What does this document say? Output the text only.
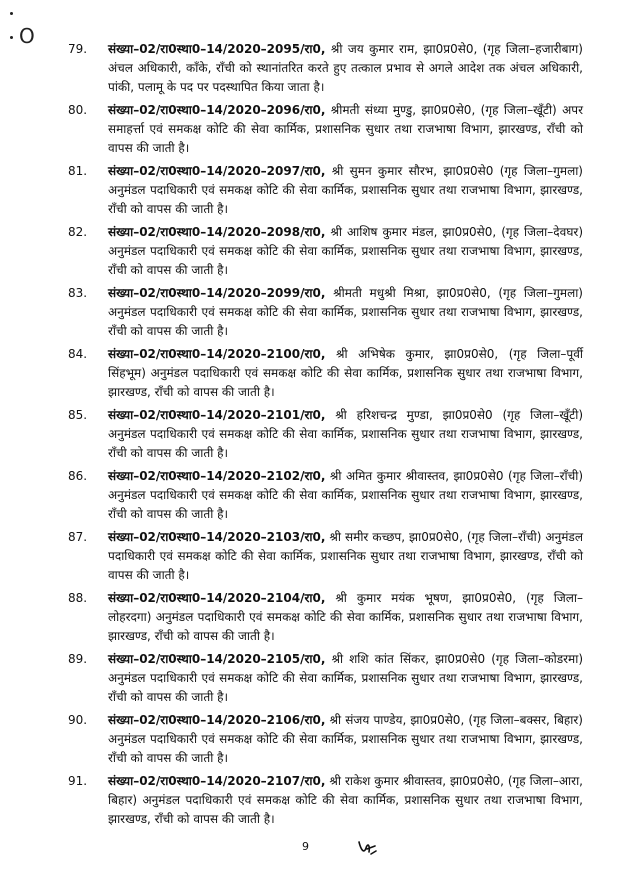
O

79.	संख्या–02/रा0स्था0–14/2020–2095/रा0, श्री जय कुमार राम, झा0प्र0से0, (गृह जिला–हजारीबाग) अंचल अधिकारी, काँके, राँची को स्थानांतरित करते हुए तत्काल प्रभाव से अगले आदेश तक अंचल अधिकारी, पांकी, पलामू के पद पर पदस्थापित किया जाता है।

80.	संख्या–02/रा0स्था0–14/2020–2096/रा0, श्रीमती संध्या मुण्डु, झा0प्र0से0, (गृह जिला–खूँटी) अपर समाहर्त्ता एवं समकक्ष कोटि की सेवा कार्मिक, प्रशासनिक सुधार तथा राजभाषा विभाग, झारखण्ड, राँची को वापस की जाती है।

81.	संख्या–02/रा0स्था0–14/2020–2097/रा0, श्री सुमन कुमार सौरभ, झा0प्र0से0 (गृह जिला–गुमला) अनुमंडल पदाधिकारी एवं समकक्ष कोटि की सेवा कार्मिक, प्रशासनिक सुधार तथा राजभाषा विभाग, झारखण्ड, राँची को वापस की जाती है।

82.	संख्या–02/रा0स्था0–14/2020–2098/रा0, श्री आशिष कुमार मंडल, झा0प्र0से0, (गृह जिला–देवघर) अनुमंडल पदाधिकारी एवं समकक्ष कोटि की सेवा कार्मिक, प्रशासनिक सुधार तथा राजभाषा विभाग, झारखण्ड, राँची को वापस की जाती है।

83.	संख्या–02/रा0स्था0–14/2020–2099/रा0, श्रीमती मधुश्री मिश्रा, झा0प्र0से0, (गृह जिला–गुमला) अनुमंडल पदाधिकारी एवं समकक्ष कोटि की सेवा कार्मिक, प्रशासनिक सुधार तथा राजभाषा विभाग, झारखण्ड, राँची को वापस की जाती है।

84.	संख्या–02/रा0स्था0–14/2020–2100/रा0, श्री अभिषेक कुमार, झा0प्र0से0, (गृह जिला–पूर्वी सिंहभूम) अनुमंडल पदाधिकारी एवं समकक्ष कोटि की सेवा कार्मिक, प्रशासनिक सुधार तथा राजभाषा विभाग, झारखण्ड, राँची को वापस की जाती है।

85.	संख्या–02/रा0स्था0–14/2020–2101/रा0, श्री हरिशचन्द्र मुण्डा, झा0प्र0से0 (गृह जिला–खूँटी) अनुमंडल पदाधिकारी एवं समकक्ष कोटि की सेवा कार्मिक, प्रशासनिक सुधार तथा राजभाषा विभाग, झारखण्ड, राँची को वापस की जाती है।

86.	संख्या–02/रा0स्था0–14/2020–2102/रा0, श्री अमित कुमार श्रीवास्तव, झा0प्र0से0 (गृह जिला–राँची) अनुमंडल पदाधिकारी एवं समकक्ष कोटि की सेवा कार्मिक, प्रशासनिक सुधार तथा राजभाषा विभाग, झारखण्ड, राँची को वापस की जाती है।

87.	संख्या–02/रा0स्था0–14/2020–2103/रा0, श्री समीर कच्छप, झा0प्र0से0, (गृह जिला–राँची) अनुमंडल पदाधिकारी एवं समकक्ष कोटि की सेवा कार्मिक, प्रशासनिक सुधार तथा राजभाषा विभाग, झारखण्ड, राँची को वापस की जाती है।

88.	संख्या–02/रा0स्था0–14/2020–2104/रा0, श्री कुमार मयंक भूषण, झा0प्र0से0, (गृह जिला–लोहरदगा) अनुमंडल पदाधिकारी एवं समकक्ष कोटि की सेवा कार्मिक, प्रशासनिक सुधार तथा राजभाषा विभाग, झारखण्ड, राँची को वापस की जाती है।

89.	संख्या–02/रा0स्था0–14/2020–2105/रा0, श्री शशि कांत सिंकर, झा0प्र0से0 (गृह जिला–कोडरमा) अनुमंडल पदाधिकारी एवं समकक्ष कोटि की सेवा कार्मिक, प्रशासनिक सुधार तथा राजभाषा विभाग, झारखण्ड, राँची को वापस की जाती है।

90.	संख्या–02/रा0स्था0–14/2020–2106/रा0, श्री संजय पाण्डेय, झा0प्र0से0, (गृह जिला–बक्सर, बिहार) अनुमंडल पदाधिकारी एवं समकक्ष कोटि की सेवा कार्मिक, प्रशासनिक सुधार तथा राजभाषा विभाग, झारखण्ड, राँची को वापस की जाती है।

91.	संख्या–02/रा0स्था0–14/2020–2107/रा0, श्री राकेश कुमार श्रीवास्तव, झा0प्र0से0, (गृह जिला–आरा, बिहार) अनुमंडल पदाधिकारी एवं समकक्ष कोटि की सेवा कार्मिक, प्रशासनिक सुधार तथा राजभाषा विभाग, झारखण्ड, राँची को वापस की जाती है।

9
